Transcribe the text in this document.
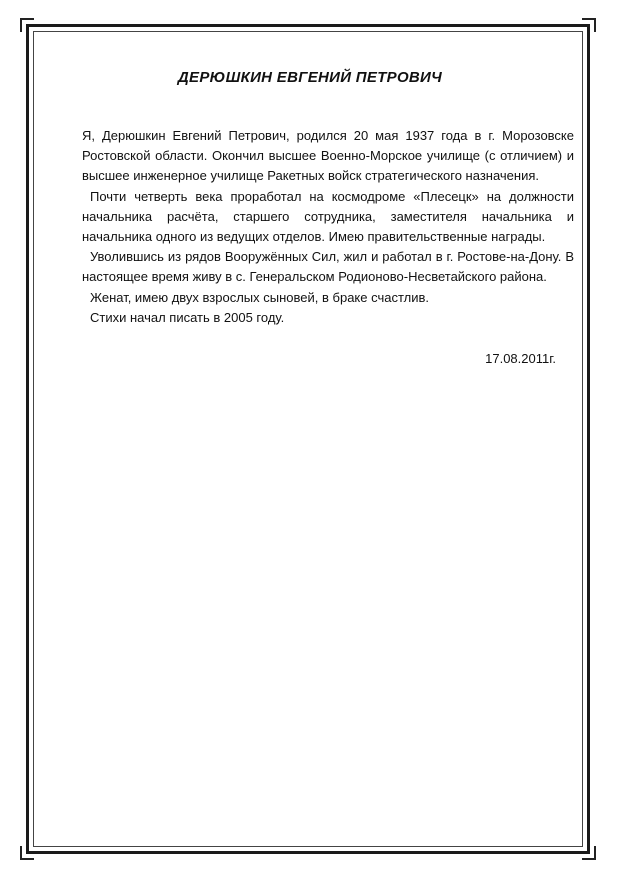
ДЕРЮШКИН ЕВГЕНИЙ ПЕТРОВИЧ

Я, Дерюшкин Евгений Петрович, родился 20 мая 1937 года в г. Морозовске Ростовской области. Окончил высшее Военно-Морское училище (с отличием) и высшее инженерное училище Ракетных войск стратегического назначения.

Почти четверть века проработал на космодроме «Плесецк» на должности начальника расчёта, старшего сотрудника, заместителя начальника и начальника одного из ведущих отделов. Имею правительственные награды.

Уволившись из рядов Вооружённых Сил, жил и работал в г. Ростове-на-Дону. В настоящее время живу в с. Генеральском Родионово-Несветайского района.

Женат, имею двух взрослых сыновей, в браке счастлив.

Стихи начал писать в 2005 году.

17.08.2011г.
